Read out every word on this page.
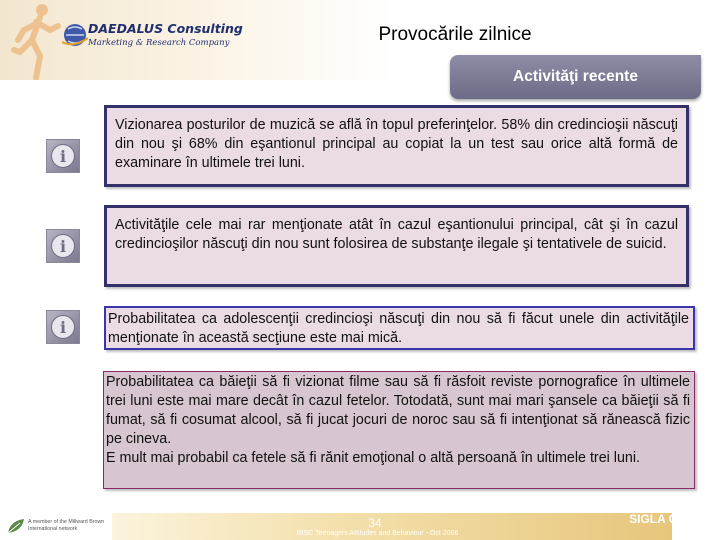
DAEDALUS Consulting
Marketing & Research Company	Provocările zilnice
Activităţi recente
i
i
i

Vizionarea posturilor de muzică se află în topul preferinţelor. 58% din credincioşii născuţi din nou şi 68% din eşantionul principal au copiat la un test sau orice altă formă de examinare în ultimele trei luni.

Activităţile cele mai rar menţionate atât în cazul eşantionului principal, cât şi în cazul credincioşilor născuţi din nou sunt folosirea de substanţe ilegale şi tentativele de suicid.

Probabilitatea ca adolescenţii credincioşi născuţi din nou să fi făcut unele din activităţile menţionate în această secţiune este mai mică.

Probabilitatea ca băieţii să fi vizionat filme sau să fi răsfoit reviste pornografice în ultimele trei luni este mai mare decât în cazul fetelor. Totodată, sunt mai mari şansele ca băieţii să fi fumat, să fi cosumat alcool, să fi jucat jocuri de noroc sau să fi intenţionat să rănească fizic pe cineva.

E mult mai probabil ca fetele să fi rănit emoţional o altă persoană în ultimele trei luni.

A member of the Millward Brown International network	34
RISC Teenagers Attitudes and Behaviour - Oct 2006
SIGLA CLIENT
